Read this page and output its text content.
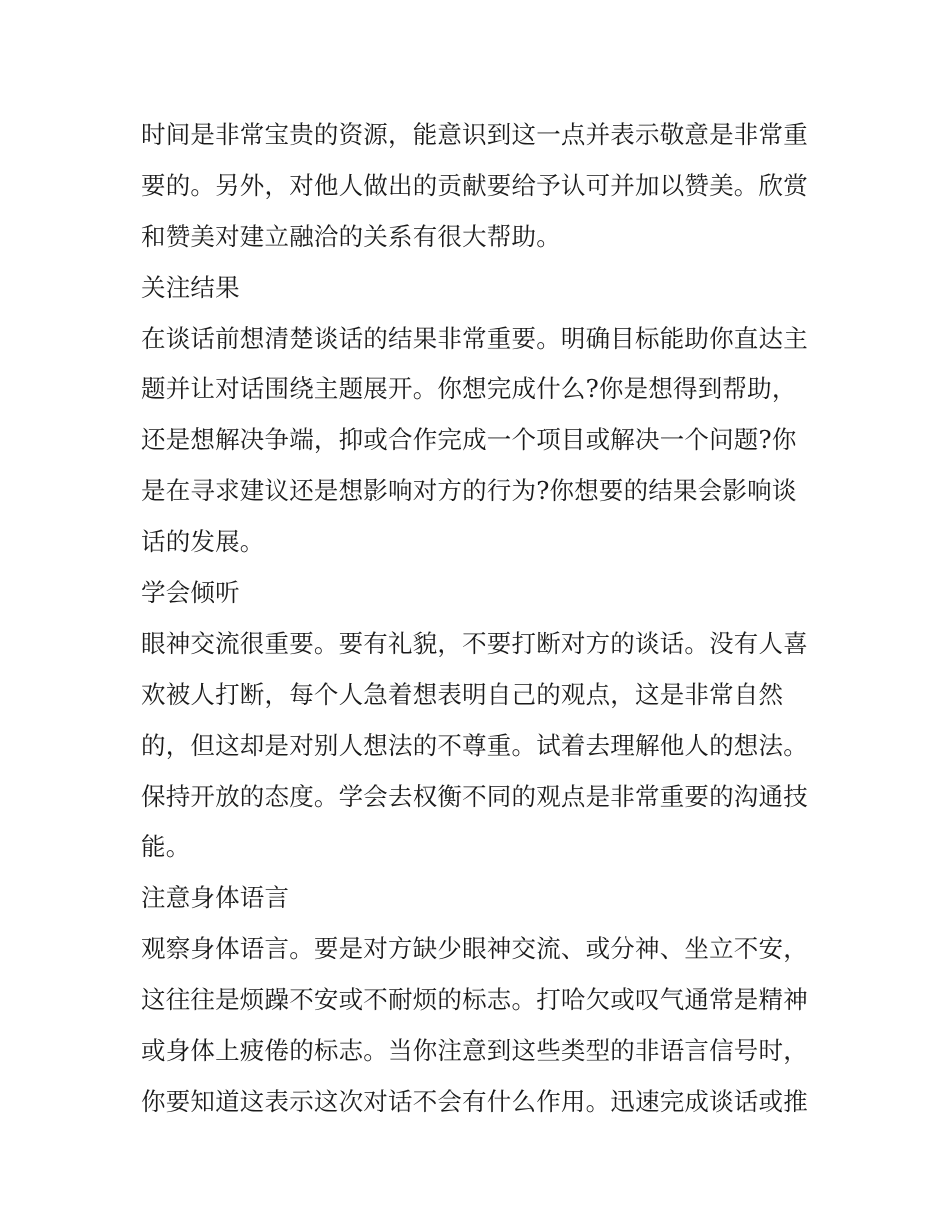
时间是非常宝贵的资源，能意识到这一点并表示敬意是非常重
要的。另外，对他人做出的贡献要给予认可并加以赞美。欣赏
和赞美对建立融洽的关系有很大帮助。
关注结果
在谈话前想清楚谈话的结果非常重要。明确目标能助你直达主
题并让对话围绕主题展开。你想完成什么?你是想得到帮助，
还是想解决争端，抑或合作完成一个项目或解决一个问题?你
是在寻求建议还是想影响对方的行为?你想要的结果会影响谈
话的发展。
学会倾听
眼神交流很重要。要有礼貌，不要打断对方的谈话。没有人喜
欢被人打断，每个人急着想表明自己的观点，这是非常自然
的，但这却是对别人想法的不尊重。试着去理解他人的想法。
保持开放的态度。学会去权衡不同的观点是非常重要的沟通技
能。
注意身体语言
观察身体语言。要是对方缺少眼神交流、或分神、坐立不安，
这往往是烦躁不安或不耐烦的标志。打哈欠或叹气通常是精神
或身体上疲倦的标志。当你注意到这些类型的非语言信号时，
你要知道这表示这次对话不会有什么作用。迅速完成谈话或推
